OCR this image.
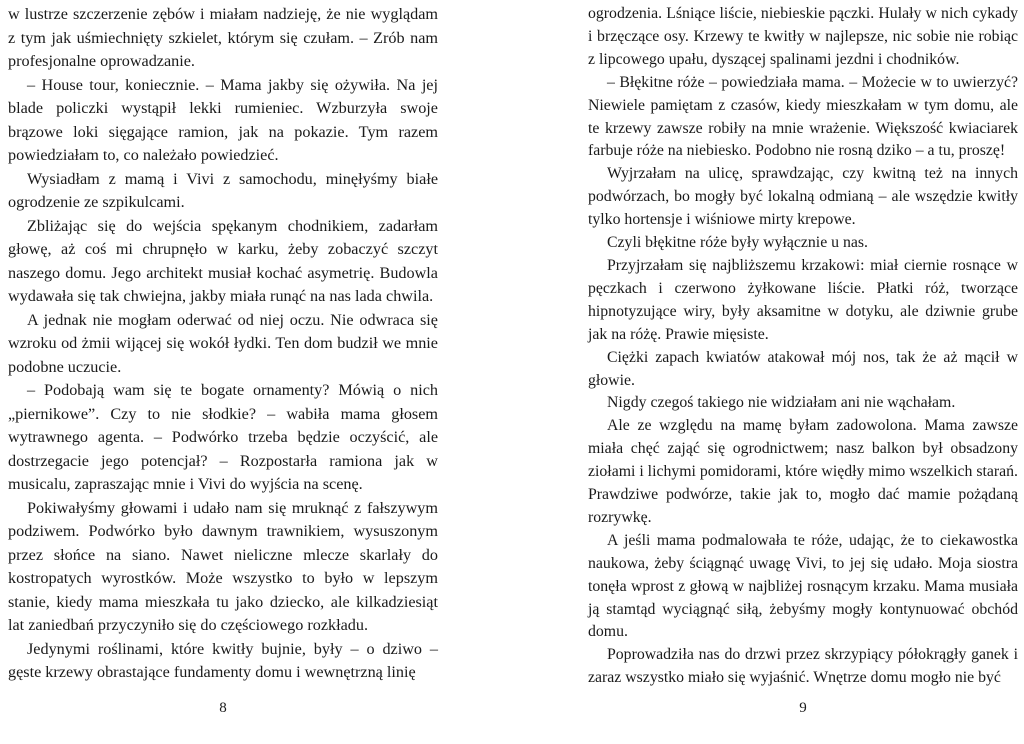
w lustrze szczerzenie zębów i miałam nadzieję, że nie wyglądam z tym jak uśmiechnięty szkielet, którym się czułam. – Zrób nam profesjonalne oprowadzanie.

– House tour, koniecznie. – Mama jakby się ożywiła. Na jej blade policzki wystąpił lekki rumieniec. Wzburzyła swoje brązowe loki sięgające ramion, jak na pokazie. Tym razem powiedziałam to, co należało powiedzieć.

Wysiadłam z mamą i Vivi z samochodu, minęłyśmy białe ogrodzenie ze szpikulcami.

Zbliżając się do wejścia spękanym chodnikiem, zadarłam głowę, aż coś mi chrupnęło w karku, żeby zobaczyć szczyt naszego domu. Jego architekt musiał kochać asymetrię. Budowla wydawała się tak chwiejna, jakby miała runąć na nas lada chwila.

A jednak nie mogłam oderwać od niej oczu. Nie odwraca się wzroku od żmii wijącej się wokół łydki. Ten dom budził we mnie podobne uczucie.

– Podobają wam się te bogate ornamenty? Mówią o nich „piernikowe”. Czy to nie słodkie? – wabiła mama głosem wytrawnego agenta. – Podwórko trzeba będzie oczyścić, ale dostrzegacie jego potencjał? – Rozpostarła ramiona jak w musicalu, zapraszając mnie i Vivi do wyjścia na scenę.

Pokiwałyśmy głowami i udało nam się mruknąć z fałszywym podziwem. Podwórko było dawnym trawnikiem, wysuszonym przez słońce na siano. Nawet nieliczne mlecze skarlały do kostropatych wyrostków. Może wszystko to było w lepszym stanie, kiedy mama mieszkała tu jako dziecko, ale kilkadziesiąt lat zaniedbań przyczyniło się do częściowego rozkładu.

Jedynymi roślinami, które kwitły bujnie, były – o dziwo – gęste krzewy obrastające fundamenty domu i wewnętrzną linię

8

ogrodzenia. Lśniące liście, niebieskie pączki. Hulały w nich cykady i brzęczące osy. Krzewy te kwitły w najlepsze, nic sobie nie robiąc z lipcowego upału, dyszącej spalinami jezdni i chodników.

– Błękitne róże – powiedziała mama. – Możecie w to uwierzyć? Niewiele pamiętam z czasów, kiedy mieszkałam w tym domu, ale te krzewy zawsze robiły na mnie wrażenie. Większość kwiaciarek farbuje róże na niebiesko. Podobno nie rosną dziko – a tu, proszę!

Wyjrzałam na ulicę, sprawdzając, czy kwitną też na innych podwórzach, bo mogły być lokalną odmianą – ale wszędzie kwitły tylko hortensje i wiśniowe mirty krepowe.

Czyli błękitne róże były wyłącznie u nas.

Przyjrzałam się najbliższemu krzakowi: miał ciernie rosnące w pęczkach i czerwono żyłkowane liście. Płatki róż, tworzące hipnotyzujące wiry, były aksamitne w dotyku, ale dziwnie grube jak na różę. Prawie mięsiste.

Ciężki zapach kwiatów atakował mój nos, tak że aż mącił w głowie.

Nigdy czegoś takiego nie widziałam ani nie wąchałam.

Ale ze względu na mamę byłam zadowolona. Mama zawsze miała chęć zająć się ogrodnictwem; nasz balkon był obsadzony ziołami i lichymi pomidorami, które więdły mimo wszelkich starań. Prawdziwe podwórze, takie jak to, mogło dać mamie pożądaną rozrywkę.

A jeśli mama podmalowała te róże, udając, że to ciekawostka naukowa, żeby ściągnąć uwagę Vivi, to jej się udało. Moja siostra tonęła wprost z głową w najbliżej rosnącym krzaku. Mama musiała ją stamtąd wyciągnąć siłą, żebyśmy mogły kontynuować obchód domu.

Poprowadziła nas do drzwi przez skrzypiący półokrągły ganek i zaraz wszystko miało się wyjaśnić. Wnętrze domu mogło nie być

9
